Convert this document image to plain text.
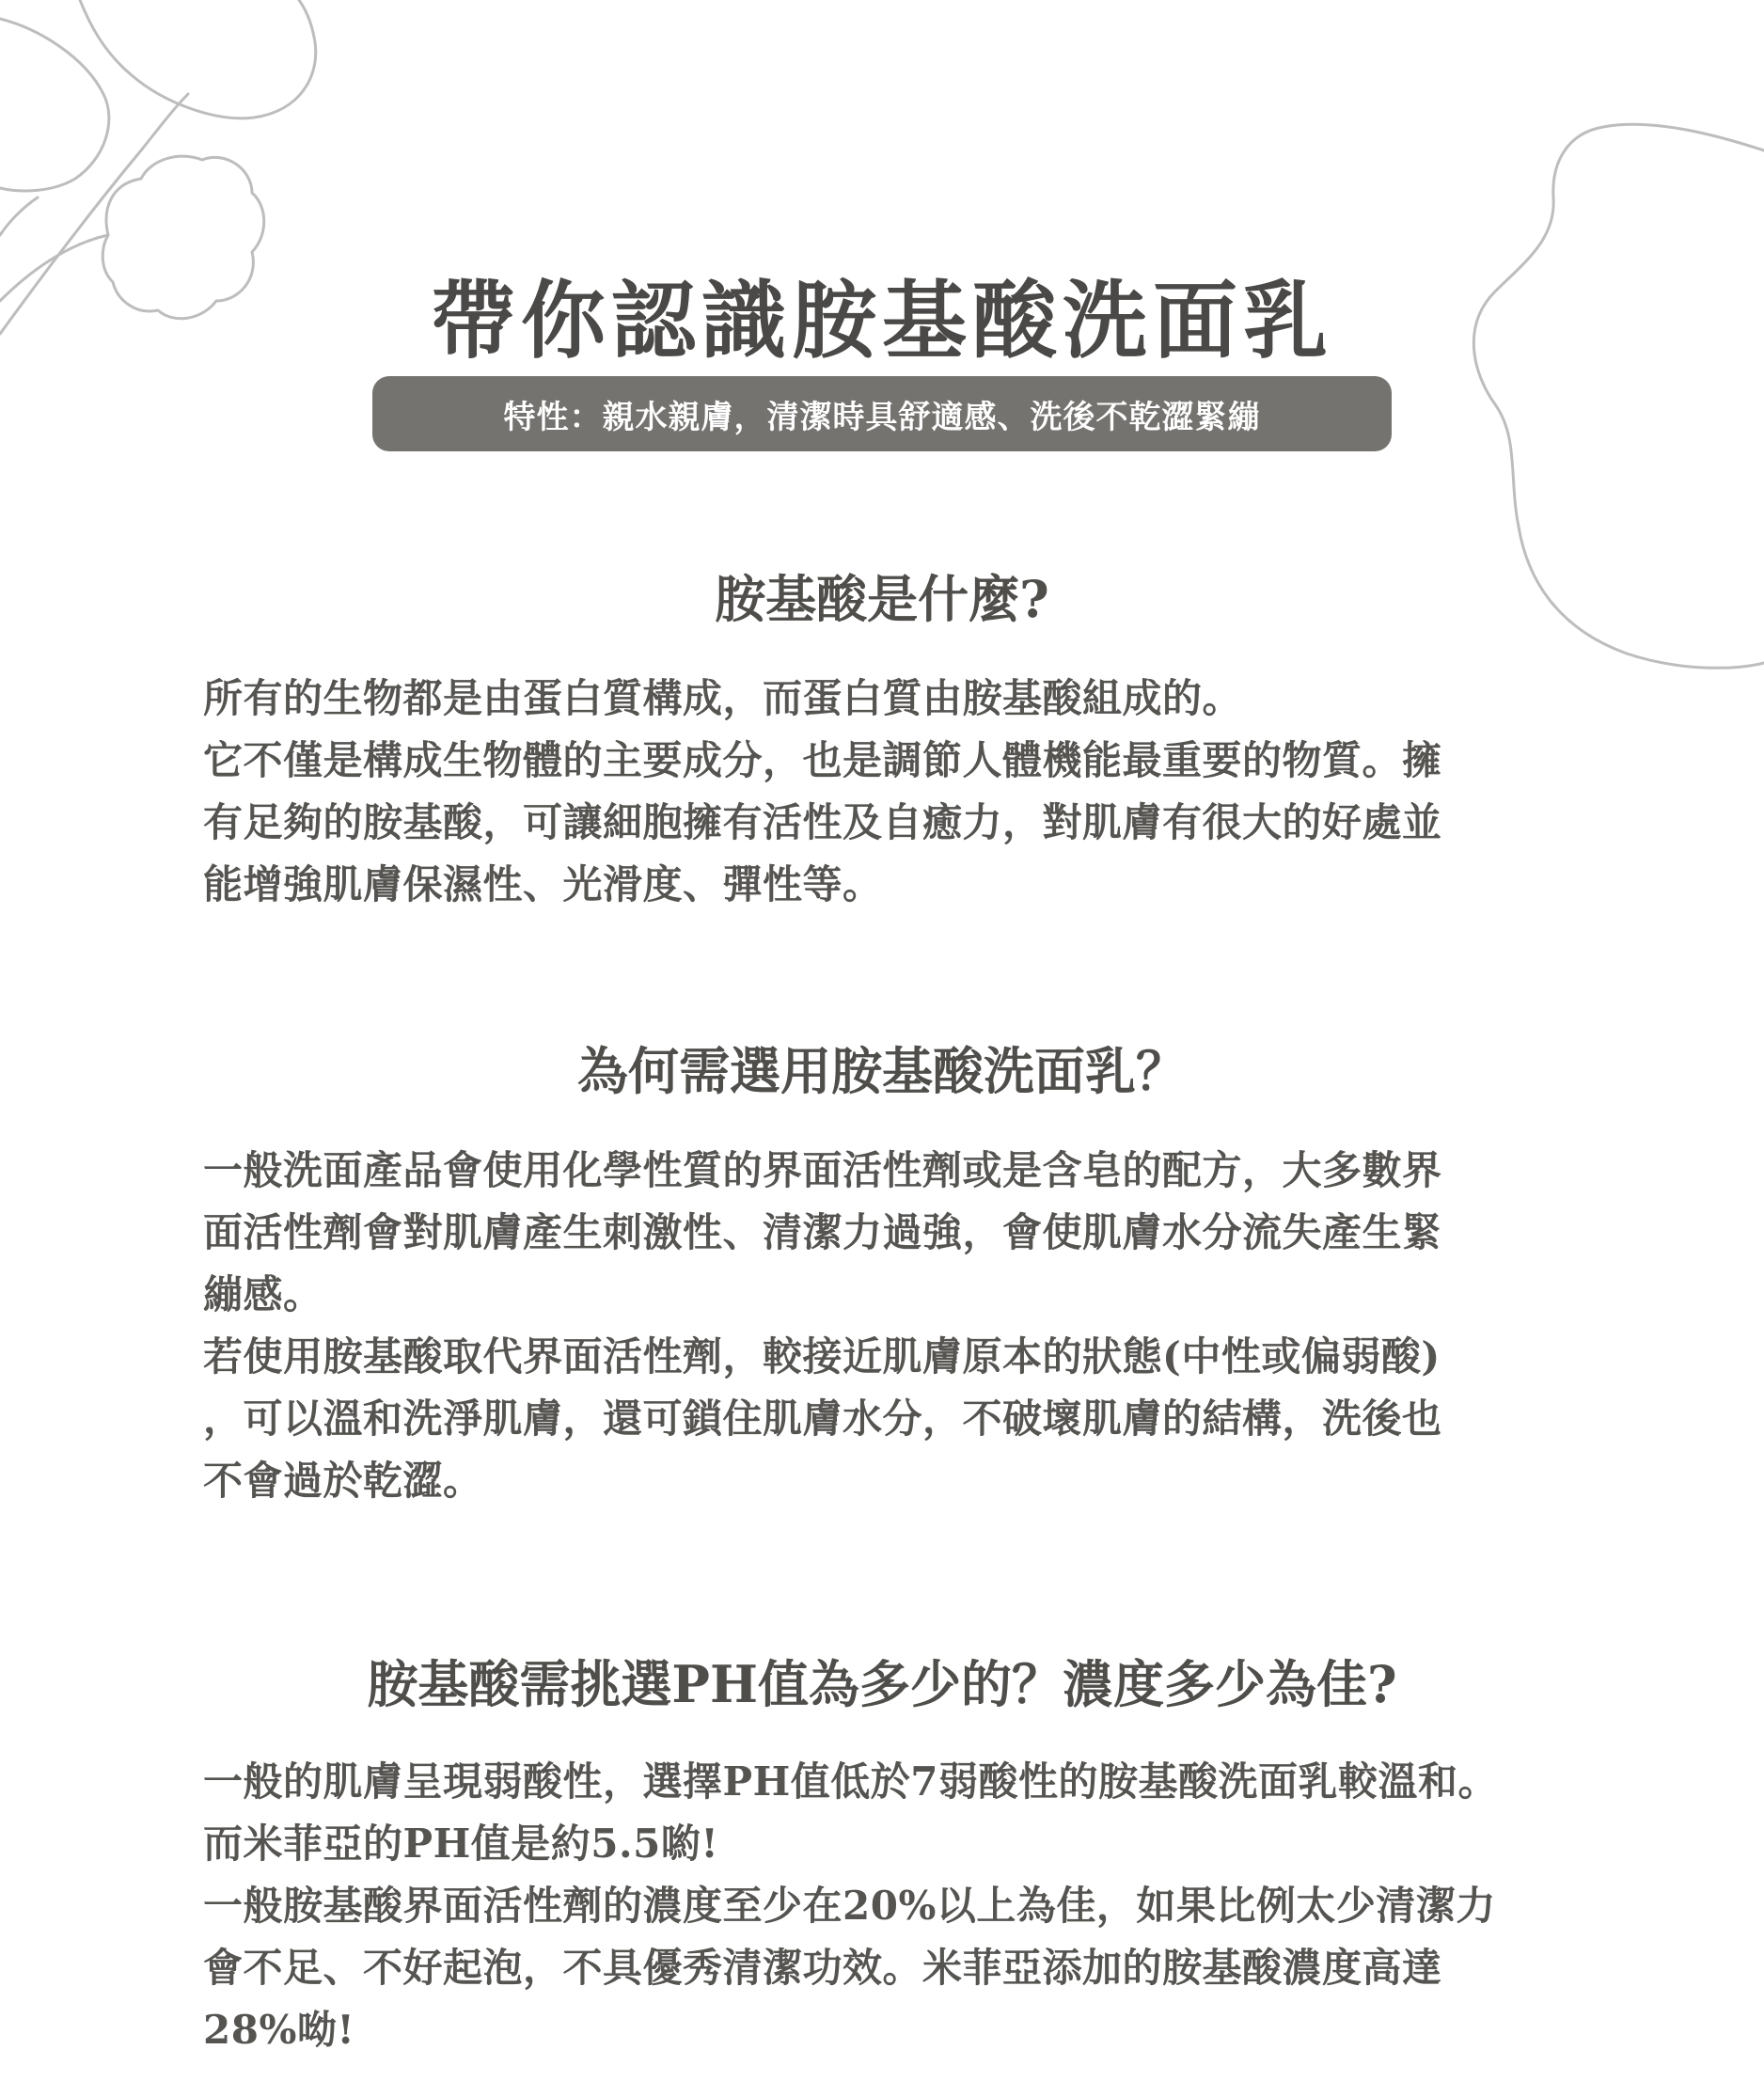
帶你認識胺基酸洗面乳
特性：親水親膚，清潔時具舒適感、洗後不乾澀緊繃
胺基酸是什麼?
所有的生物都是由蛋白質構成，而蛋白質由胺基酸組成的。
它不僅是構成生物體的主要成分，也是調節人體機能最重要的物質。擁
有足夠的胺基酸，可讓細胞擁有活性及自癒力，對肌膚有很大的好處並
能增強肌膚保濕性、光滑度、彈性等。
為何需選用胺基酸洗面乳？
一般洗面產品會使用化學性質的界面活性劑或是含皂的配方，大多數界
面活性劑會對肌膚產生刺激性、清潔力過強，會使肌膚水分流失產生緊
繃感。
若使用胺基酸取代界面活性劑，較接近肌膚原本的狀態(中性或偏弱酸)
，可以溫和洗淨肌膚，還可鎖住肌膚水分，不破壞肌膚的結構，洗後也
不會過於乾澀。
胺基酸需挑選PH值為多少的？濃度多少為佳?
一般的肌膚呈現弱酸性，選擇PH值低於7弱酸性的胺基酸洗面乳較溫和。
而米菲亞的PH值是約5.5喲!
一般胺基酸界面活性劑的濃度至少在20%以上為佳，如果比例太少清潔力
會不足、不好起泡，不具優秀清潔功效。米菲亞添加的胺基酸濃度高達
28%呦!
